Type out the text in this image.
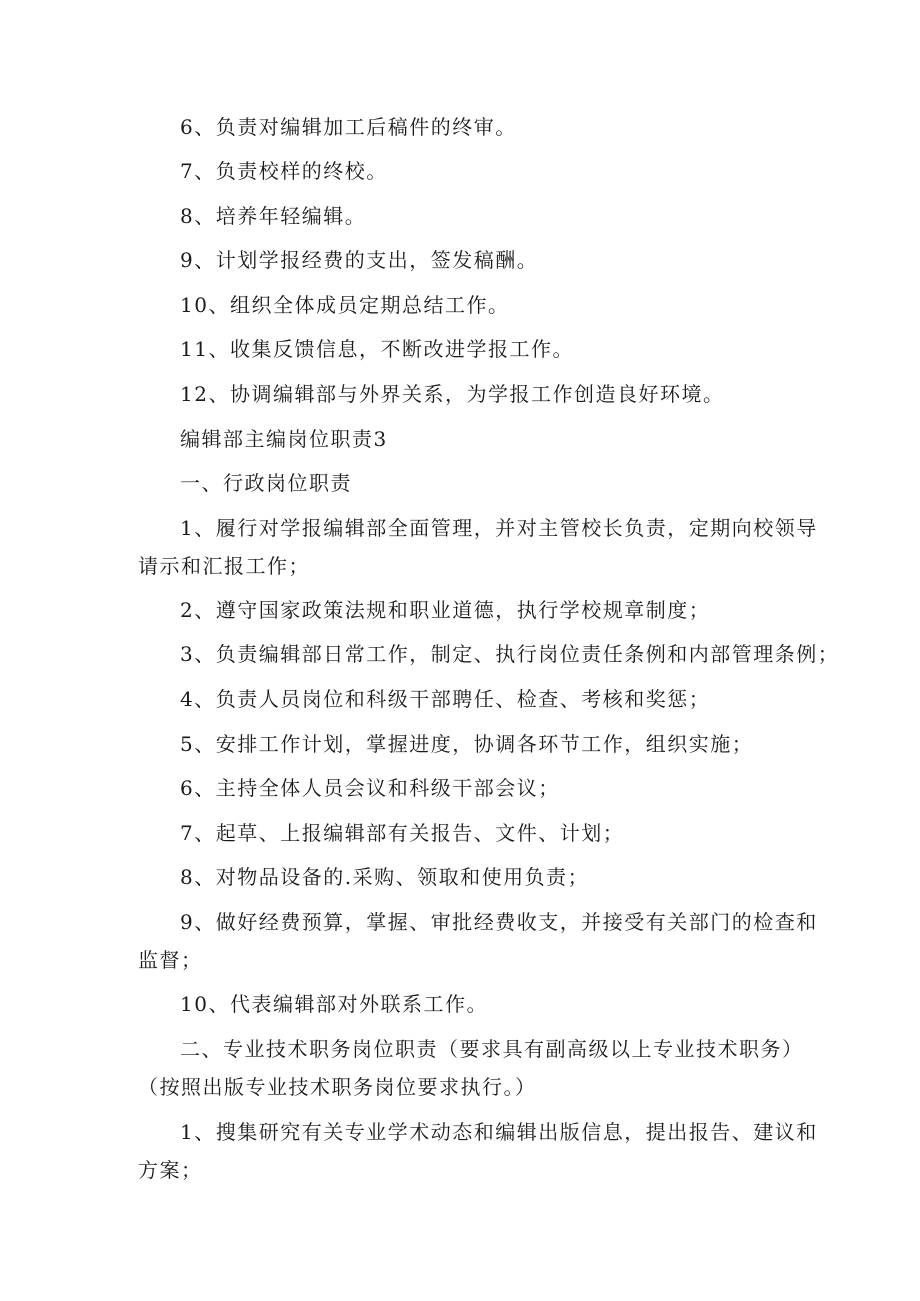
6、负责对编辑加工后稿件的终审。
7、负责校样的终校。
8、培养年轻编辑。
9、计划学报经费的支出，签发稿酬。
10、组织全体成员定期总结工作。
11、收集反馈信息，不断改进学报工作。
12、协调编辑部与外界关系，为学报工作创造良好环境。
编辑部主编岗位职责3
一、行政岗位职责
1、履行对学报编辑部全面管理，并对主管校长负责，定期向校领导
请示和汇报工作；
2、遵守国家政策法规和职业道德，执行学校规章制度；
3、负责编辑部日常工作，制定、执行岗位责任条例和内部管理条例；
4、负责人员岗位和科级干部聘任、检查、考核和奖惩；
5、安排工作计划，掌握进度，协调各环节工作，组织实施；
6、主持全体人员会议和科级干部会议；
7、起草、上报编辑部有关报告、文件、计划；
8、对物品设备的.采购、领取和使用负责；
9、做好经费预算，掌握、审批经费收支，并接受有关部门的检查和
监督；
10、代表编辑部对外联系工作。
二、专业技术职务岗位职责（要求具有副高级以上专业技术职务）
（按照出版专业技术职务岗位要求执行。）
1、搜集研究有关专业学术动态和编辑出版信息，提出报告、建议和
方案；
